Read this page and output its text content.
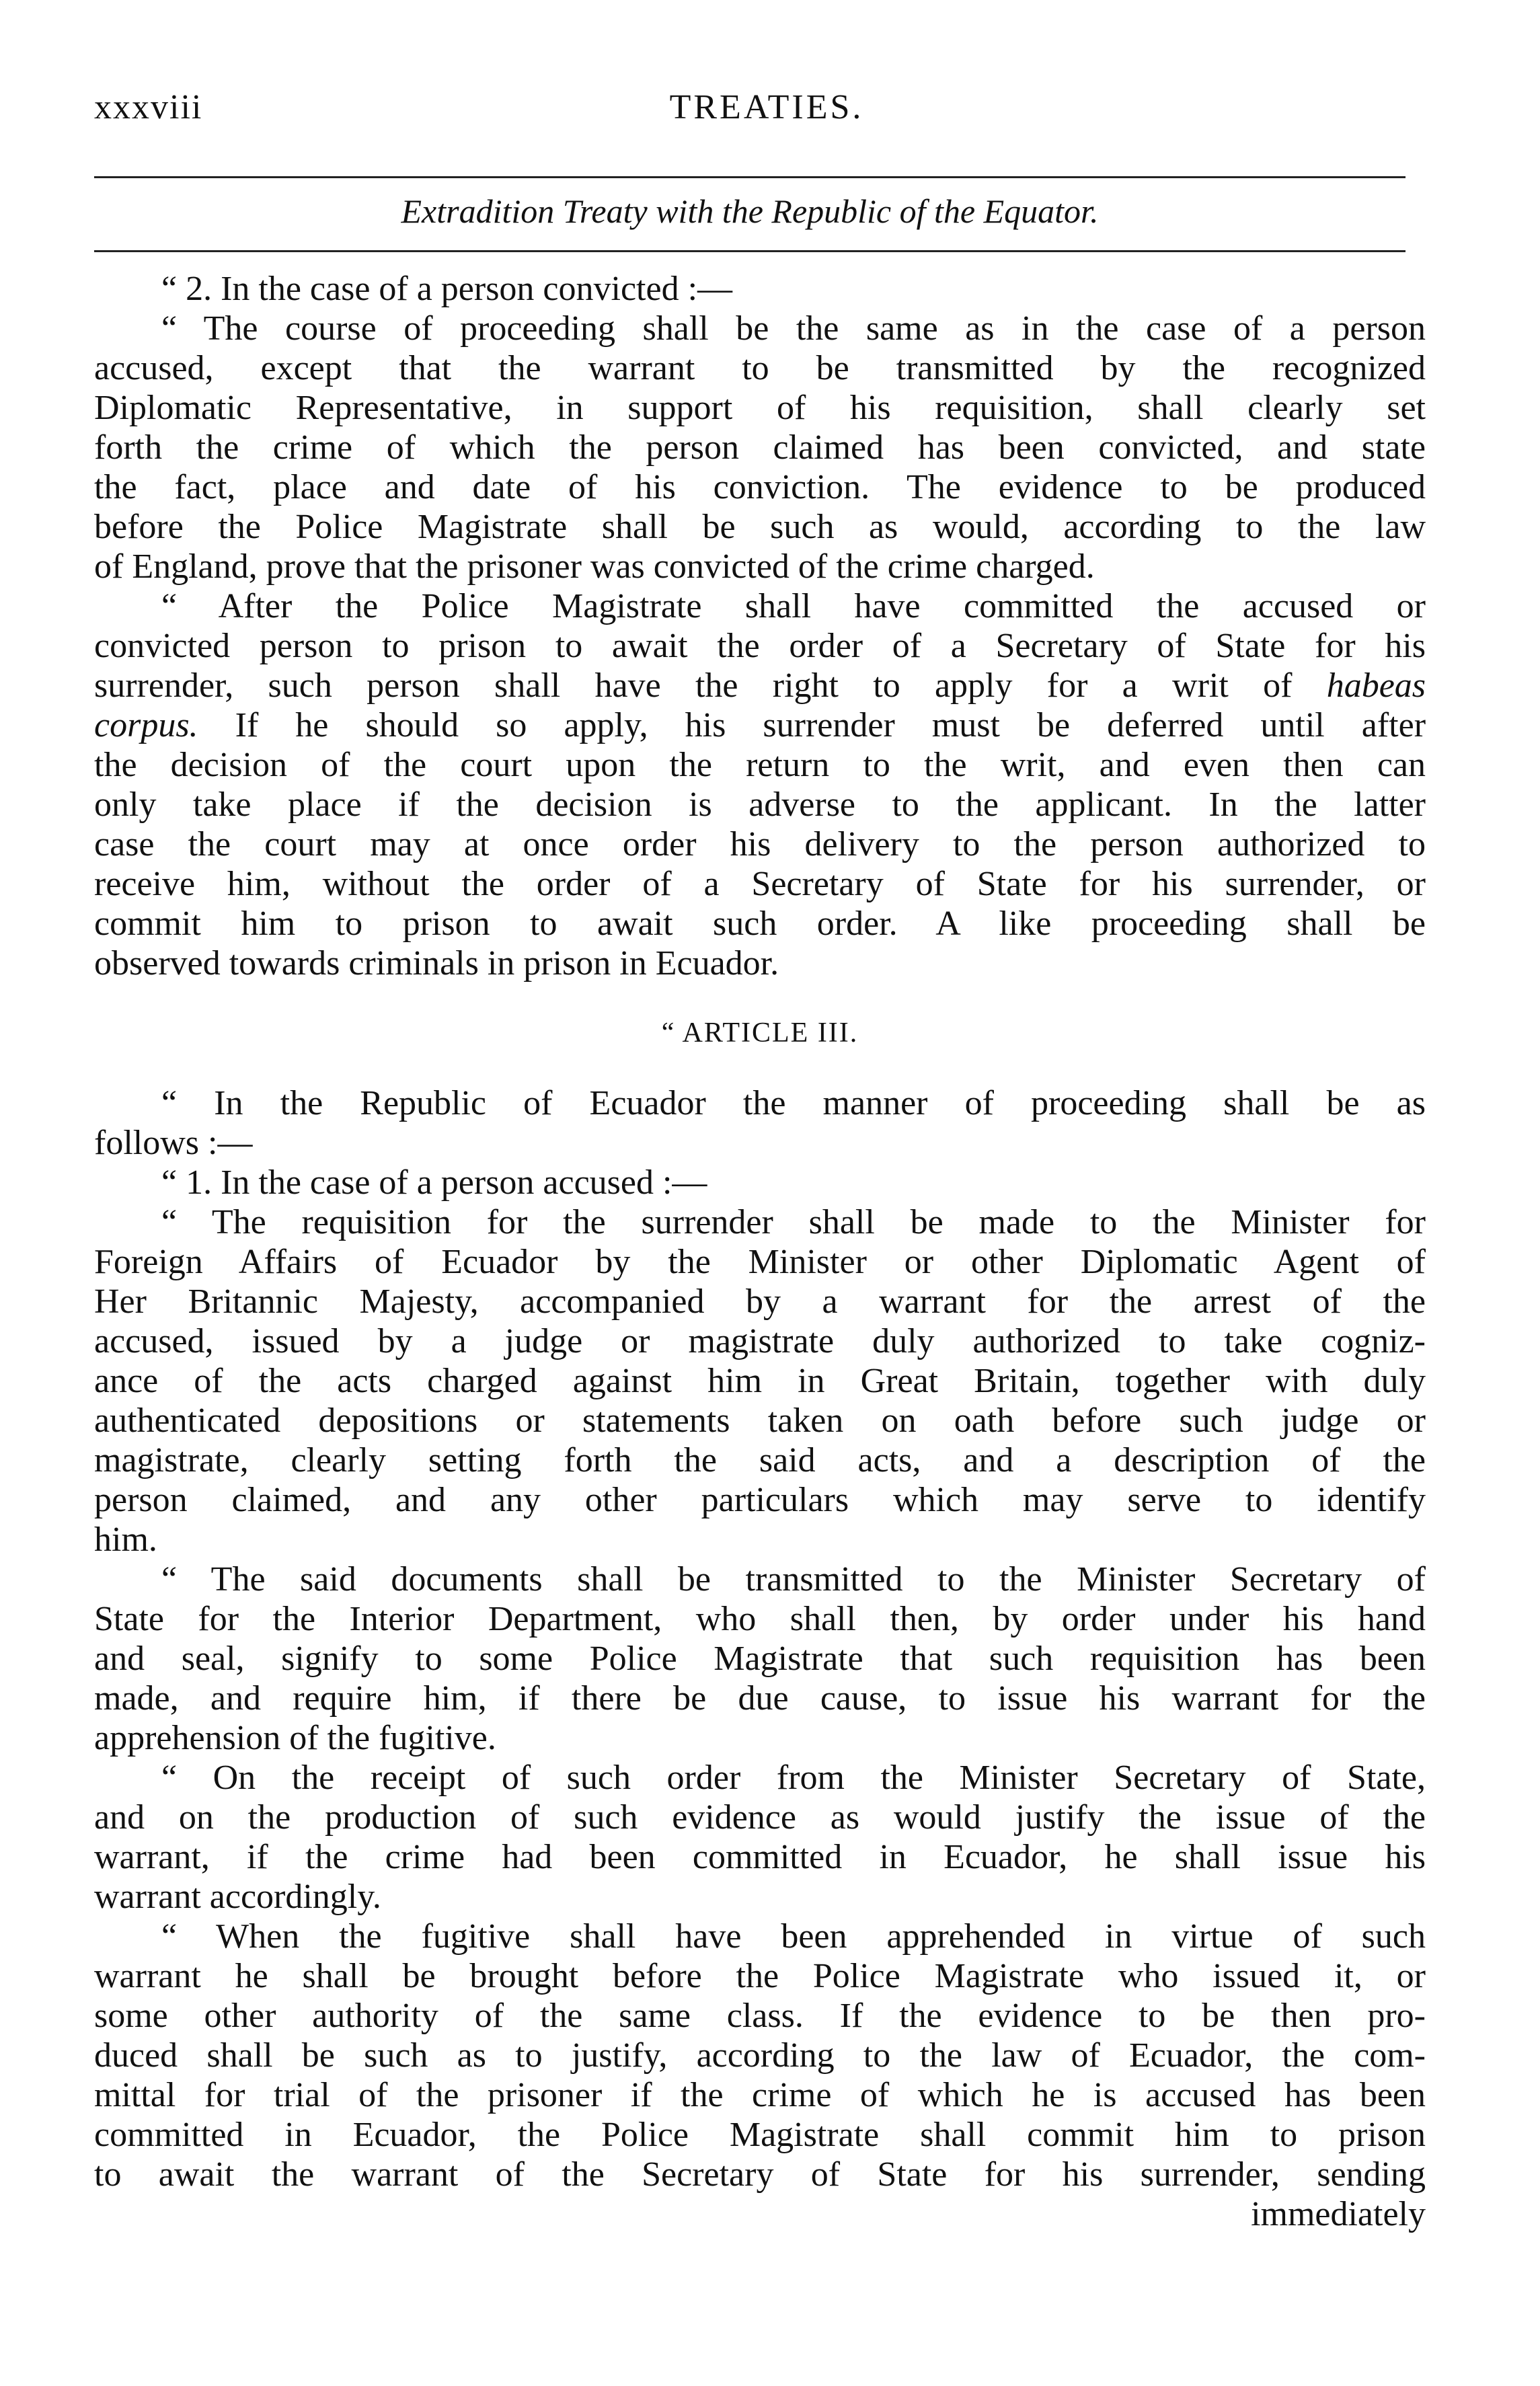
xxxviii	TREATIES.
Extradition Treaty with the Republic of the Equator.
“ 2. In the case of a person convicted :—
“ The course of proceeding shall be the same as in the case of a person
accused, except that the warrant to be transmitted by the recognized
Diplomatic Representative, in support of his requisition, shall clearly set
forth the crime of which the person claimed has been convicted, and state
the fact, place and date of his conviction. The evidence to be produced
before the Police Magistrate shall be such as would, according to the law
of England, prove that the prisoner was convicted of the crime charged.
“ After the Police Magistrate shall have committed the accused or
convicted person to prison to await the order of a Secretary of State for his
surrender, such person shall have the right to apply for a writ of habeas
corpus. If he should so apply, his surrender must be deferred until after
the decision of the court upon the return to the writ, and even then can
only take place if the decision is adverse to the applicant. In the latter
case the court may at once order his delivery to the person authorized to
receive him, without the order of a Secretary of State for his surrender, or
commit him to prison to await such order. A like proceeding shall be
observed towards criminals in prison in Ecuador.
“ ARTICLE III.
“ In the Republic of Ecuador the manner of proceeding shall be as
follows :—
“ 1. In the case of a person accused :—
“ The requisition for the surrender shall be made to the Minister for
Foreign Affairs of Ecuador by the Minister or other Diplomatic Agent of
Her Britannic Majesty, accompanied by a warrant for the arrest of the
accused, issued by a judge or magistrate duly authorized to take cogniz-
ance of the acts charged against him in Great Britain, together with duly
authenticated depositions or statements taken on oath before such judge or
magistrate, clearly setting forth the said acts, and a description of the
person claimed, and any other particulars which may serve to identify
him.
“ The said documents shall be transmitted to the Minister Secretary of
State for the Interior Department, who shall then, by order under his hand
and seal, signify to some Police Magistrate that such requisition has been
made, and require him, if there be due cause, to issue his warrant for the
apprehension of the fugitive.
“ On the receipt of such order from the Minister Secretary of State,
and on the production of such evidence as would justify the issue of the
warrant, if the crime had been committed in Ecuador, he shall issue his
warrant accordingly.
“ When the fugitive shall have been apprehended in virtue of such
warrant he shall be brought before the Police Magistrate who issued it, or
some other authority of the same class. If the evidence to be then pro-
duced shall be such as to justify, according to the law of Ecuador, the com-
mittal for trial of the prisoner if the crime of which he is accused has been
committed in Ecuador, the Police Magistrate shall commit him to prison
to await the warrant of the Secretary of State for his surrender, sending
immediately
